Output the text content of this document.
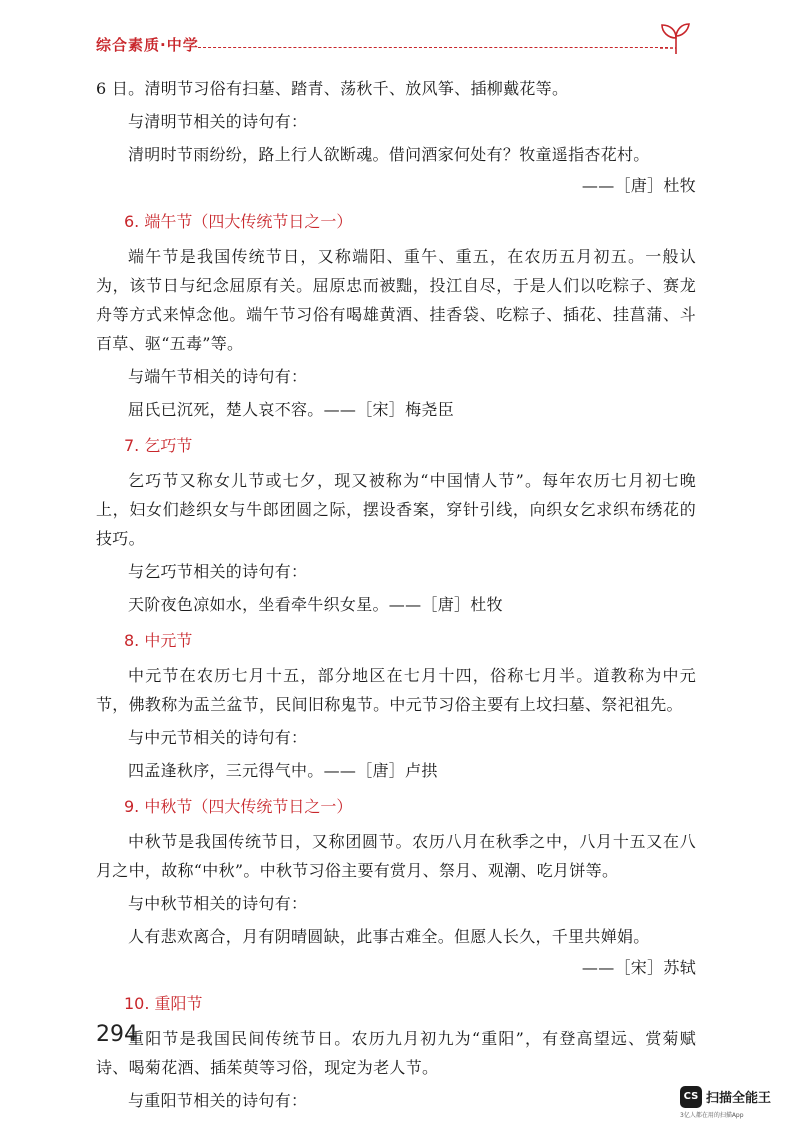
综合素质·中学

6 日。清明节习俗有扫墓、踏青、荡秋千、放风筝、插柳戴花等。

与清明节相关的诗句有：

清明时节雨纷纷，路上行人欲断魂。借问酒家何处有？牧童遥指杏花村。

——［唐］杜牧

6. 端午节（四大传统节日之一）

端午节是我国传统节日，又称端阳、重午、重五，在农历五月初五。一般认为，该节日与纪念屈原有关。屈原忠而被黜，投江自尽，于是人们以吃粽子、赛龙舟等方式来悼念他。端午节习俗有喝雄黄酒、挂香袋、吃粽子、插花、挂菖蒲、斗百草、驱“五毒”等。

与端午节相关的诗句有：

屈氏已沉死，楚人哀不容。——［宋］梅尧臣

7. 乞巧节

乞巧节又称女儿节或七夕，现又被称为“中国情人节”。每年农历七月初七晚上，妇女们趁织女与牛郎团圆之际，摆设香案，穿针引线，向织女乞求织布绣花的技巧。

与乞巧节相关的诗句有：

天阶夜色凉如水，坐看牵牛织女星。——［唐］杜牧

8. 中元节

中元节在农历七月十五，部分地区在七月十四，俗称七月半。道教称为中元节，佛教称为盂兰盆节，民间旧称鬼节。中元节习俗主要有上坟扫墓、祭祀祖先。

与中元节相关的诗句有：

四孟逢秋序，三元得气中。——［唐］卢拱

9. 中秋节（四大传统节日之一）

中秋节是我国传统节日，又称团圆节。农历八月在秋季之中，八月十五又在八月之中，故称“中秋”。中秋节习俗主要有赏月、祭月、观潮、吃月饼等。

与中秋节相关的诗句有：

人有悲欢离合，月有阴晴圆缺，此事古难全。但愿人长久，千里共婵娟。

——［宋］苏轼

10. 重阳节

重阳节是我国民间传统节日。农历九月初九为“重阳”，有登高望远、赏菊赋诗、喝菊花酒、插茱萸等习俗，现定为老人节。

与重阳节相关的诗句有：

294
CS 扫描全能王
3亿人都在用的扫描App
